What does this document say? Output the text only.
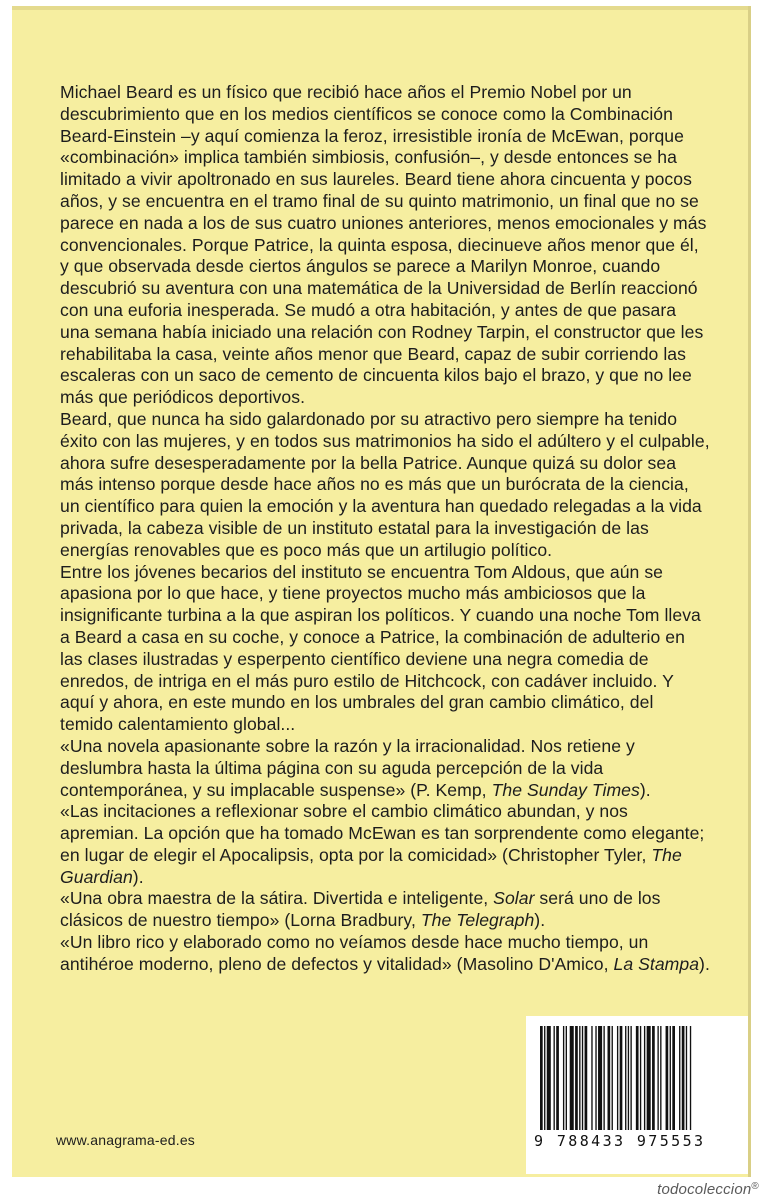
Michael Beard es un físico que recibió hace años el Premio Nobel por un descubrimiento que en los medios científicos se conoce como la Combinación Beard-Einstein –y aquí comienza la feroz, irresistible ironía de McEwan, porque «combinación» implica también simbiosis, confusión–, y desde entonces se ha limitado a vivir apoltronado en sus laureles. Beard tiene ahora cincuenta y pocos años, y se encuentra en el tramo final de su quinto matrimonio, un final que no se parece en nada a los de sus cuatro uniones anteriores, menos emocionales y más convencionales. Porque Patrice, la quinta esposa, diecinueve años menor que él, y que observada desde ciertos ángulos se parece a Marilyn Monroe, cuando descubrió su aventura con una matemática de la Universidad de Berlín reaccionó con una euforia inesperada. Se mudó a otra habitación, y antes de que pasara una semana había iniciado una relación con Rodney Tarpin, el constructor que les rehabilitaba la casa, veinte años menor que Beard, capaz de subir corriendo las escaleras con un saco de cemento de cincuenta kilos bajo el brazo, y que no lee más que periódicos deportivos.

Beard, que nunca ha sido galardonado por su atractivo pero siempre ha tenido éxito con las mujeres, y en todos sus matrimonios ha sido el adúltero y el culpable, ahora sufre desesperadamente por la bella Patrice. Aunque quizá su dolor sea más intenso porque desde hace años no es más que un burócrata de la ciencia, un científico para quien la emoción y la aventura han quedado relegadas a la vida privada, la cabeza visible de un instituto estatal para la investigación de las energías renovables que es poco más que un artilugio político.

Entre los jóvenes becarios del instituto se encuentra Tom Aldous, que aún se apasiona por lo que hace, y tiene proyectos mucho más ambiciosos que la insignificante turbina a la que aspiran los políticos. Y cuando una noche Tom lleva a Beard a casa en su coche, y conoce a Patrice, la combinación de adulterio en las clases ilustradas y esperpento científico deviene una negra comedia de enredos, de intriga en el más puro estilo de Hitchcock, con cadáver incluido. Y aquí y ahora, en este mundo en los umbrales del gran cambio climático, del temido calentamiento global...

«Una novela apasionante sobre la razón y la irracionalidad. Nos retiene y deslumbra hasta la última página con su aguda percepción de la vida contemporánea, y su implacable suspense» (P. Kemp, The Sunday Times).

«Las incitaciones a reflexionar sobre el cambio climático abundan, y nos apremian. La opción que ha tomado McEwan es tan sorprendente como elegante; en lugar de elegir el Apocalipsis, opta por la comicidad» (Christopher Tyler, The Guardian).

«Una obra maestra de la sátira. Divertida e inteligente, Solar será uno de los clásicos de nuestro tiempo» (Lorna Bradbury, The Telegraph).

«Un libro rico y elaborado como no veíamos desde hace mucho tiempo, un antihéroe moderno, pleno de defectos y vitalidad» (Masolino D'Amico, La Stampa).

www.anagrama-ed.es	9 788433 975553
todocoleccion®
